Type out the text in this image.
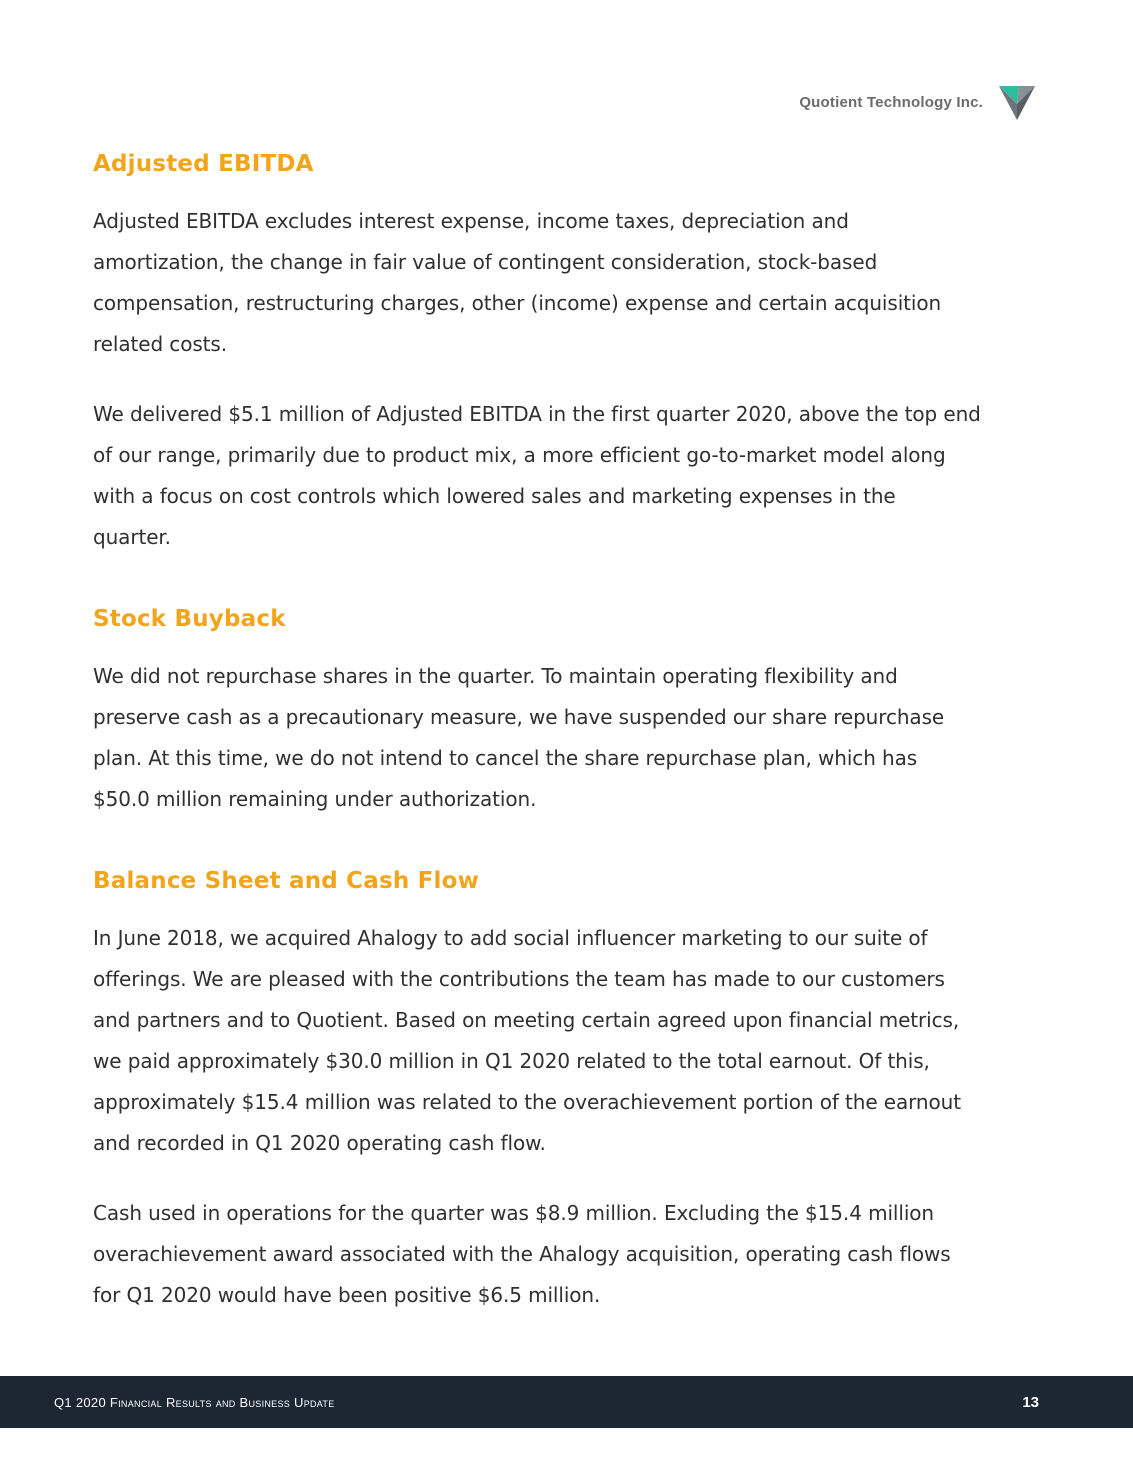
Quotient Technology Inc.
Adjusted EBITDA

Adjusted EBITDA excludes interest expense, income taxes, depreciation and
amortization, the change in fair value of contingent consideration, stock-based
compensation, restructuring charges, other (income) expense and certain acquisition
related costs.

We delivered $5.1 million of Adjusted EBITDA in the first quarter 2020, above the top end
of our range, primarily due to product mix, a more efficient go-to-market model along
with a focus on cost controls which lowered sales and marketing expenses in the
quarter.

Stock Buyback

We did not repurchase shares in the quarter. To maintain operating flexibility and
preserve cash as a precautionary measure, we have suspended our share repurchase
plan. At this time, we do not intend to cancel the share repurchase plan, which has
$50.0 million remaining under authorization.

Balance Sheet and Cash Flow

In June 2018, we acquired Ahalogy to add social influencer marketing to our suite of
offerings. We are pleased with the contributions the team has made to our customers
and partners and to Quotient. Based on meeting certain agreed upon financial metrics,
we paid approximately $30.0 million in Q1 2020 related to the total earnout. Of this,
approximately $15.4 million was related to the overachievement portion of the earnout
and recorded in Q1 2020 operating cash flow.

Cash used in operations for the quarter was $8.9 million. Excluding the $15.4 million
overachievement award associated with the Ahalogy acquisition, operating cash flows
for Q1 2020 would have been positive $6.5 million.

Q1 2020 Financial Results and Business Update	13
